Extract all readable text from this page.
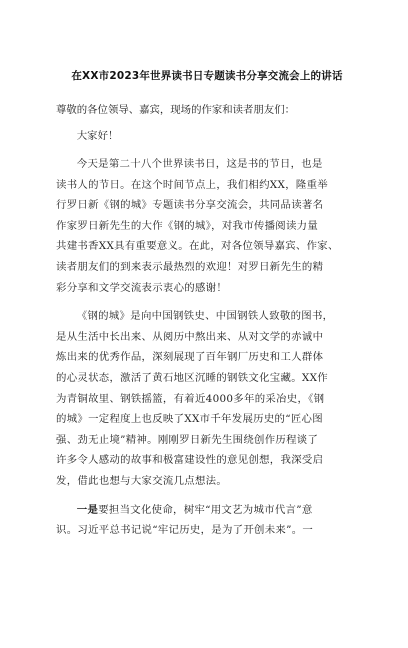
在XX市2023年世界读书日专题读书分享交流会上的讲话
尊敬的各位领导、嘉宾，现场的作家和读者朋友们：
大家好！

今天是第二十八个世界读书日，这是书的节日，也是
读书人的节日。在这个时间节点上，我们相约XX，隆重举
行罗日新《钢的城》专题读书分享交流会，共同品读著名
作家罗日新先生的大作《钢的城》，对我市传播阅读力量
共建书香XX具有重要意义。在此，对各位领导嘉宾、作家、
读者朋友们的到来表示最热烈的欢迎！对罗日新先生的精
彩分享和文学交流表示衷心的感谢！

《钢的城》是向中国钢铁史、中国钢铁人致敬的图书，
是从生活中长出来、从阅历中熬出来、从对文学的赤诚中
炼出来的优秀作品，深刻展现了百年钢厂历史和工人群体
的心灵状态，激活了黄石地区沉睡的钢铁文化宝藏。XX作
为青铜故里、钢铁摇篮，有着近4000多年的采冶史，《钢
的城》一定程度上也反映了XX市千年发展历史的“匠心图
强、劲无止境”精神。刚刚罗日新先生围绕创作历程谈了
许多令人感动的故事和极富建设性的意见创想，我深受启
发，借此也想与大家交流几点想法。

一是要担当文化使命，树牢“用文艺为城市代言”意
识。习近平总书记说“牢记历史，是为了开创未来”。一
